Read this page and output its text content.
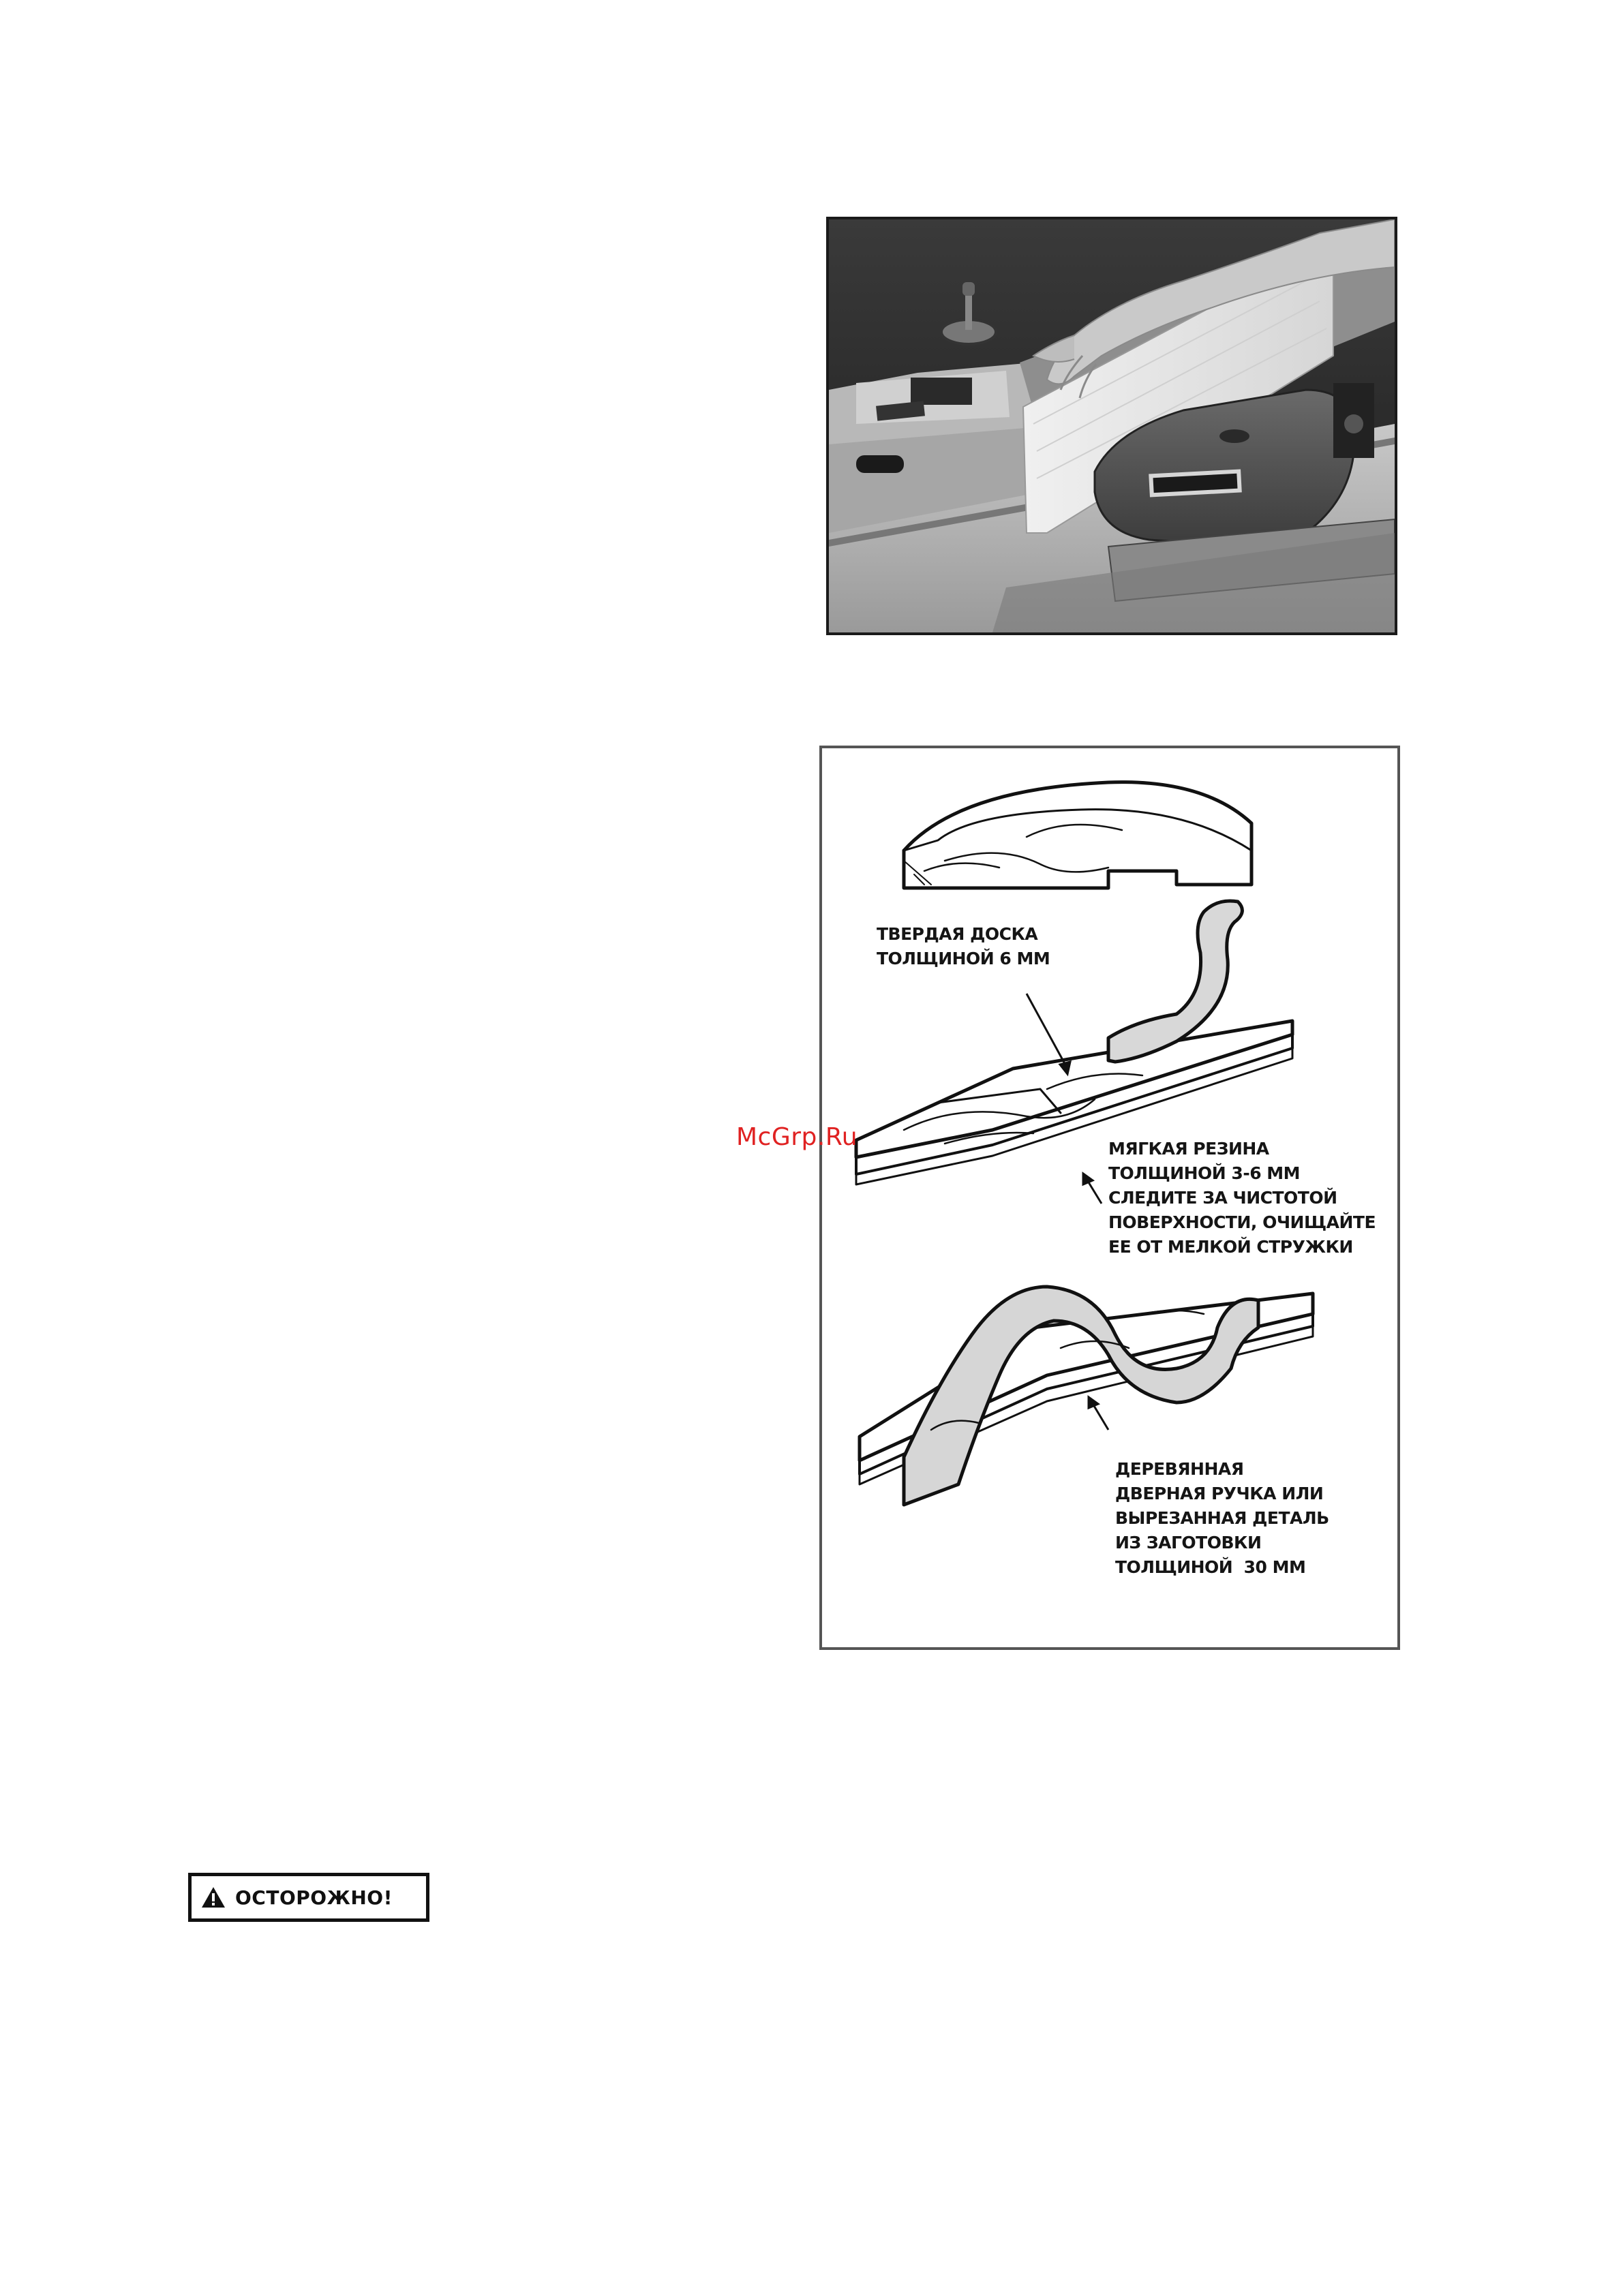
ТВЕРДАЯ ДОСКА
ТОЛЩИНОЙ 6 ММ
МЯГКАЯ РЕЗИНА
ТОЛЩИНОЙ 3-6 ММ
СЛЕДИТЕ ЗА ЧИСТОТОЙ
ПОВЕРХНОСТИ, ОЧИЩАЙТЕ
ЕЕ ОТ МЕЛКОЙ СТРУЖКИ
ДЕРЕВЯННАЯ
ДВЕРНАЯ РУЧКА ИЛИ
ВЫРЕЗАННАЯ ДЕТАЛЬ
ИЗ ЗАГОТОВКИ
ТОЛЩИНОЙ  30 ММ
McGrp.Ru
ОСТОРОЖНО!
